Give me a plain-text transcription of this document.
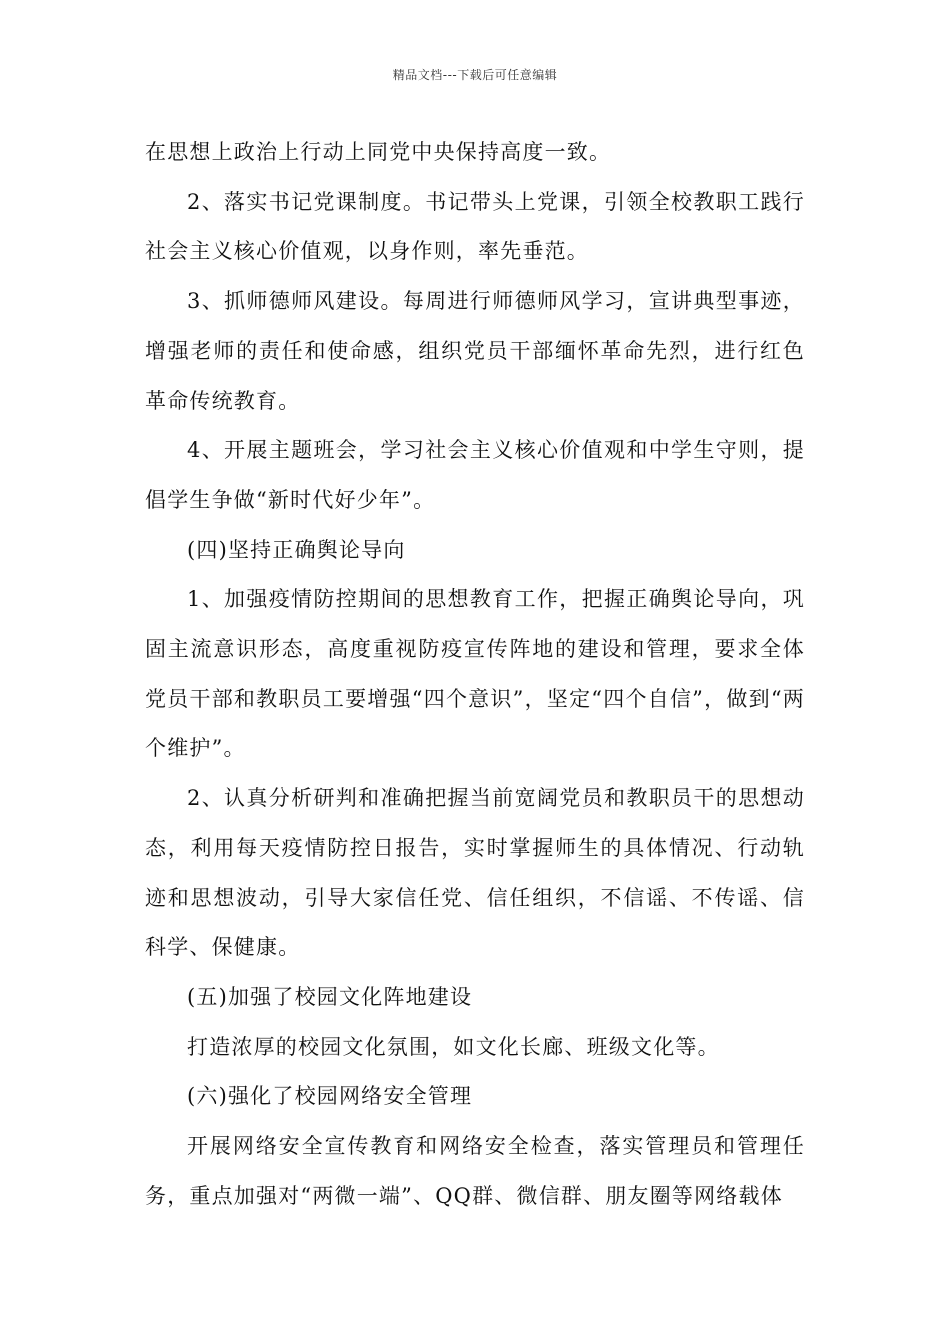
精品文档---下载后可任意编辑

在思想上政治上行动上同党中央保持高度一致。

2、落实书记党课制度。书记带头上党课，引领全校教职工践行社会主义核心价值观，以身作则，率先垂范。

3、抓师德师风建设。每周进行师德师风学习，宣讲典型事迹，增强老师的责任和使命感，组织党员干部缅怀革命先烈，进行红色革命传统教育。

4、开展主题班会，学习社会主义核心价值观和中学生守则，提倡学生争做“新时代好少年”。

(四)坚持正确舆论导向

1、加强疫情防控期间的思想教育工作，把握正确舆论导向，巩固主流意识形态，高度重视防疫宣传阵地的建设和管理，要求全体党员干部和教职员工要增强“四个意识”，坚定“四个自信”，做到“两个维护”。

2、认真分析研判和准确把握当前宽阔党员和教职员干的思想动态，利用每天疫情防控日报告，实时掌握师生的具体情况、行动轨迹和思想波动，引导大家信任党、信任组织，不信谣、不传谣、信科学、保健康。

(五)加强了校园文化阵地建设

打造浓厚的校园文化氛围，如文化长廊、班级文化等。

(六)强化了校园网络安全管理

开展网络安全宣传教育和网络安全检查，落实管理员和管理任务，重点加强对“两微一端”、QQ群、微信群、朋友圈等网络载体
